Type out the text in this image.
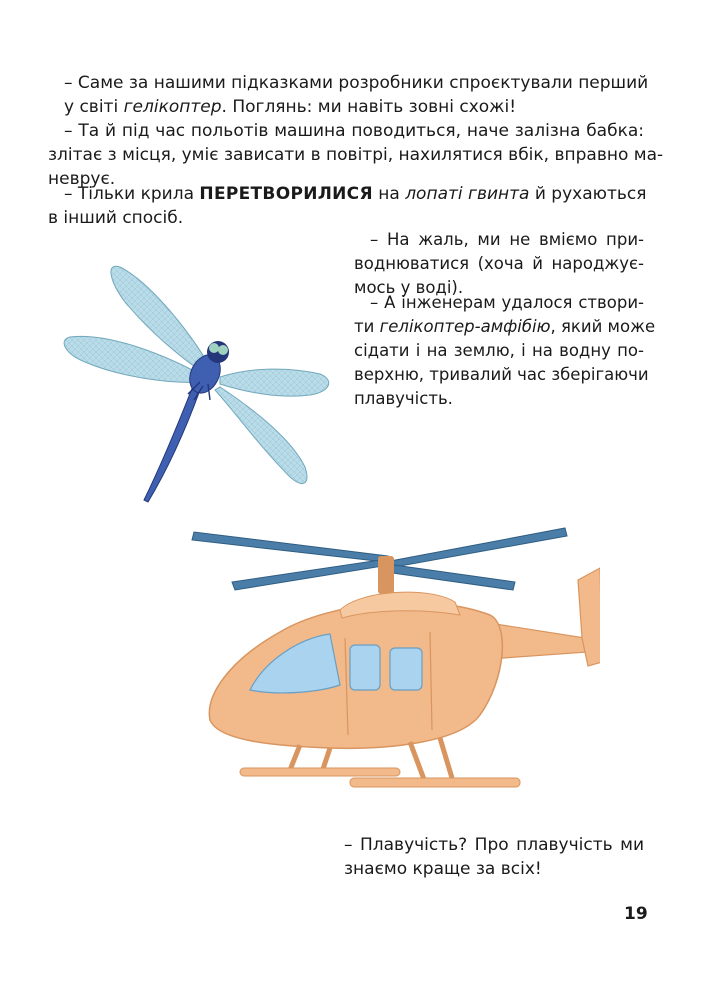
– Саме за нашими підказками розробники спроєктували перший
у світі гелікоптер. Поглянь: ми навіть зовні схожі!
– Та й під час польотів машина поводиться, наче залізна бабка:
злітає з місця, уміє зависати в повітрі, нахилятися вбік, вправно ма-
неврує.
– Тільки крила ПЕРЕТВОРИЛИСЯ на лопаті гвинта й рухаються
в інший спосіб.
– На жаль, ми не вміємо при-
воднюватися (хоча й народжує-
мось у воді).
– А інженерам удалося створи-
ти гелікоптер-амфібію, який може
сідати і на землю, і на водну по-
верхню, тривалий час зберігаючи
плавучість.
– Плавучість? Про плавучість ми
знаємо краще за всіх!
19
